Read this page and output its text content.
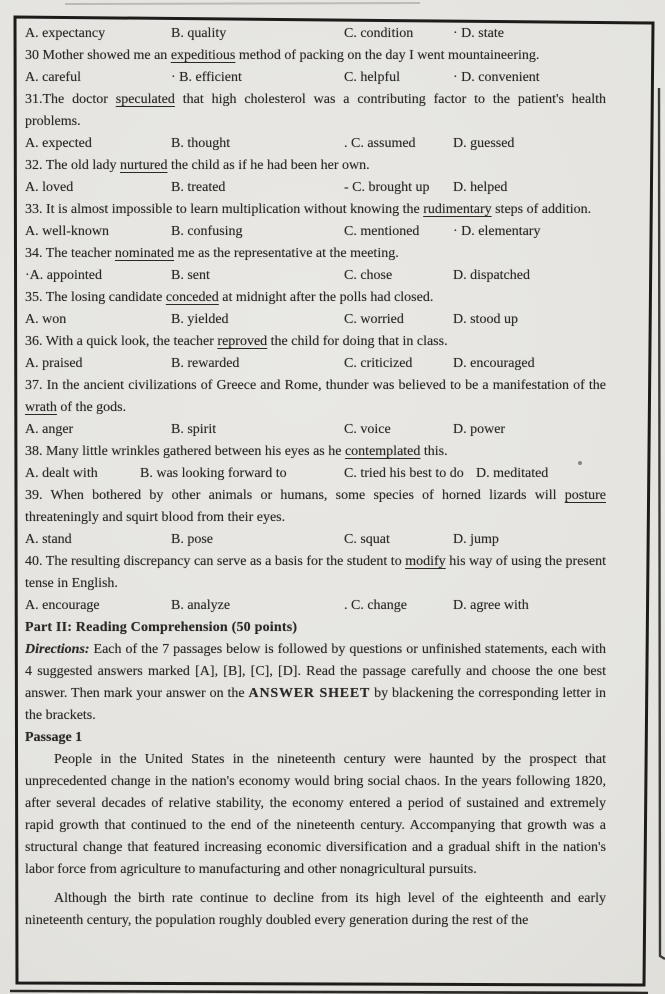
A. expectancy	B. quality	C. condition	· D. state
30 Mother showed me an expeditious method of packing on the day I went mountaineering.
A. careful	· B. efficient	C. helpful	· D. convenient
31.The doctor speculated that high cholesterol was a contributing factor to the patient's health problems.
A. expected	B. thought	. C. assumed	D. guessed
32. The old lady nurtured the child as if he had been her own.
A. loved	B. treated	- C. brought up	D. helped
33. It is almost impossible to learn multiplication without knowing the rudimentary steps of addition.
A. well-known	B. confusing	C. mentioned	· D. elementary
34. The teacher nominated me as the representative at the meeting.
·A. appointed	B. sent	C. chose	D. dispatched
35. The losing candidate conceded at midnight after the polls had closed.
A. won	B. yielded	C. worried	D. stood up
36. With a quick look, the teacher reproved the child for doing that in class.
A. praised	B. rewarded	C. criticized	D. encouraged
37. In the ancient civilizations of Greece and Rome, thunder was believed to be a manifestation of the wrath of the gods.
A. anger	B. spirit	C. voice	D. power
38. Many little wrinkles gathered between his eyes as he contemplated this.
A. dealt with	B. was looking forward to	C. tried his best to do D. meditated
39. When bothered by other animals or humans, some species of horned lizards will posture threateningly and squirt blood from their eyes.
A. stand	B. pose	C. squat	D. jump
40. The resulting discrepancy can serve as a basis for the student to modify his way of using the present tense in English.
A. encourage	B. analyze	. C. change	D. agree with
Part II: Reading Comprehension (50 points)
Directions: Each of the 7 passages below is followed by questions or unfinished statements, each with 4 suggested answers marked [A], [B], [C], [D]. Read the passage carefully and choose the one best answer. Then mark your answer on the ANSWER SHEET by blackening the corresponding letter in the brackets.
Passage 1

People in the United States in the nineteenth century were haunted by the prospect that unprecedented change in the nation's economy would bring social chaos. In the years following 1820, after several decades of relative stability, the economy entered a period of sustained and extremely rapid growth that continued to the end of the nineteenth century. Accompanying that growth was a structural change that featured increasing economic diversification and a gradual shift in the nation's labor force from agriculture to manufacturing and other nonagricultural pursuits.

Although the birth rate continue to decline from its high level of the eighteenth and early nineteenth century, the population roughly doubled every generation during the rest of the
